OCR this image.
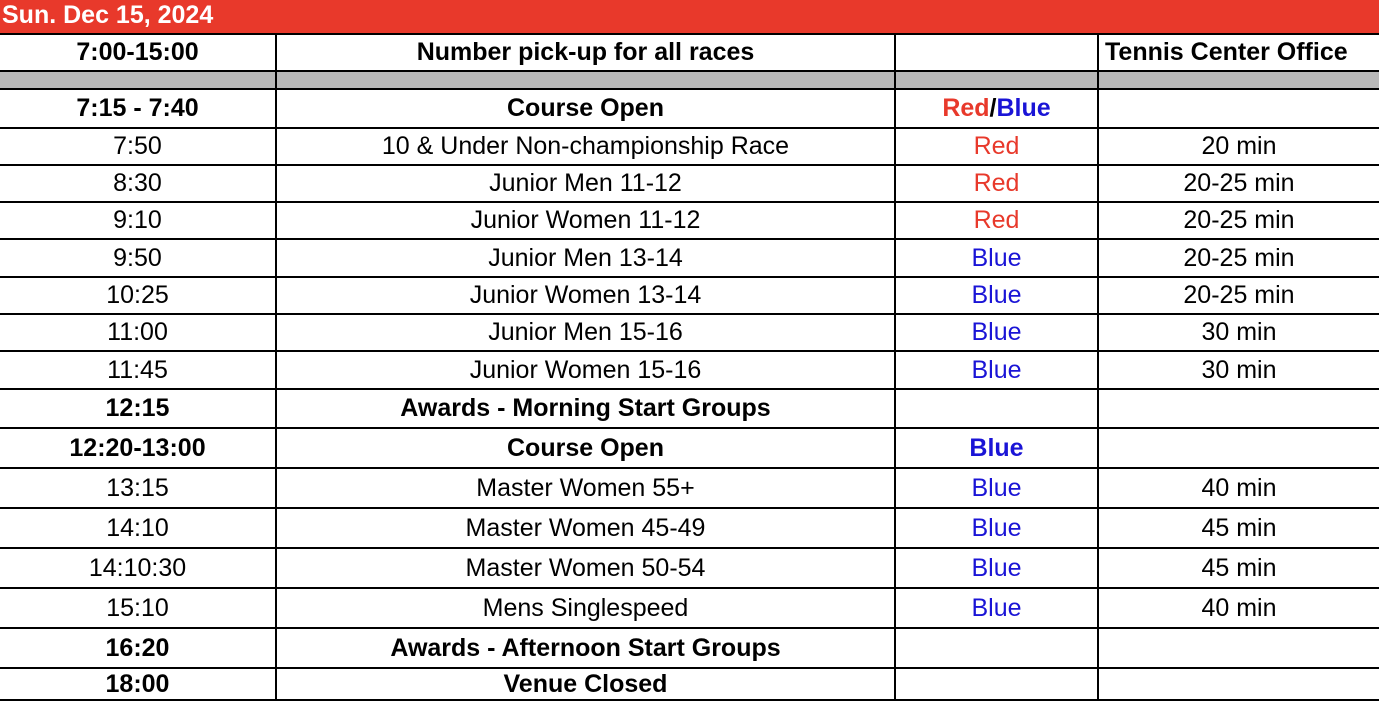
Sun. Dec 15, 2024
7:00-15:00	Number pick-up for all races		Tennis Center Office

7:15 - 7:40	Course Open	Red/Blue	
7:50	10 & Under Non-championship Race	Red	20 min
8:30	Junior Men 11-12	Red	20-25 min
9:10	Junior Women 11-12	Red	20-25 min
9:50	Junior Men 13-14	Blue	20-25 min
10:25	Junior Women 13-14	Blue	20-25 min
11:00	Junior Men 15-16	Blue	30 min
11:45	Junior Women 15-16	Blue	30 min
12:15	Awards - Morning Start Groups		
12:20-13:00	Course Open	Blue	
13:15	Master Women 55+	Blue	40 min
14:10	Master Women 45-49	Blue	45 min
14:10:30	Master Women 50-54	Blue	45 min
15:10	Mens Singlespeed	Blue	40 min
16:20	Awards - Afternoon Start Groups		
18:00	Venue Closed		
